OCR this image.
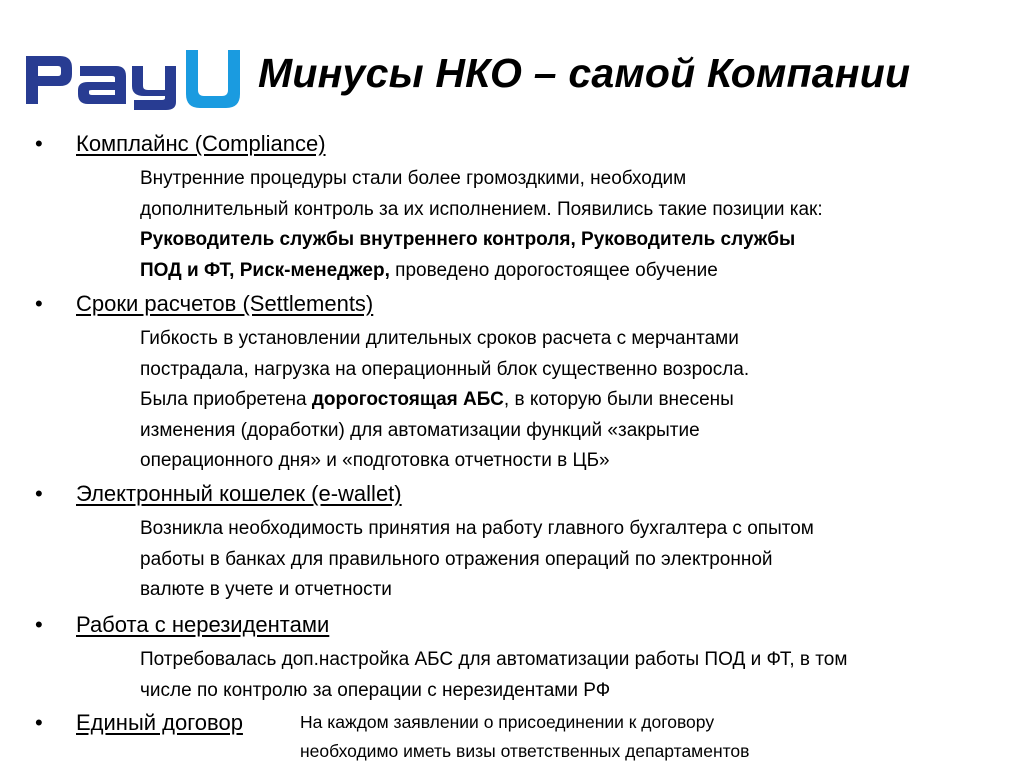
Минусы НКО – самой Компании
• Комплайнс (Compliance)
Внутренние процедуры стали более громоздкими, необходим
дополнительный контроль за их исполнением. Появились такие позиции как:
Руководитель службы внутреннего контроля, Руководитель службы
ПОД и ФТ, Риск-менеджер, проведено дорогостоящее обучение
• Сроки расчетов (Settlements)
Гибкость в установлении длительных сроков расчета с мерчантами
пострадала, нагрузка на операционный блок существенно возросла.
Была приобретена дорогостоящая АБС, в которую были внесены
изменения (доработки) для автоматизации функций «закрытие
операционного дня» и «подготовка отчетности в ЦБ»
• Электронный кошелек (e-wallet)
Возникла необходимость принятия на работу главного бухгалтера с опытом
работы в банках для правильного отражения операций по электронной
валюте в учете и отчетности
• Работа с нерезидентами
Потребовалась доп.настройка АБС для автоматизации работы ПОД и ФТ, в том
числе по контролю за операции с нерезидентами РФ
• Единый договор	На каждом заявлении о присоединении к договору
необходимо иметь визы ответственных департаментов
